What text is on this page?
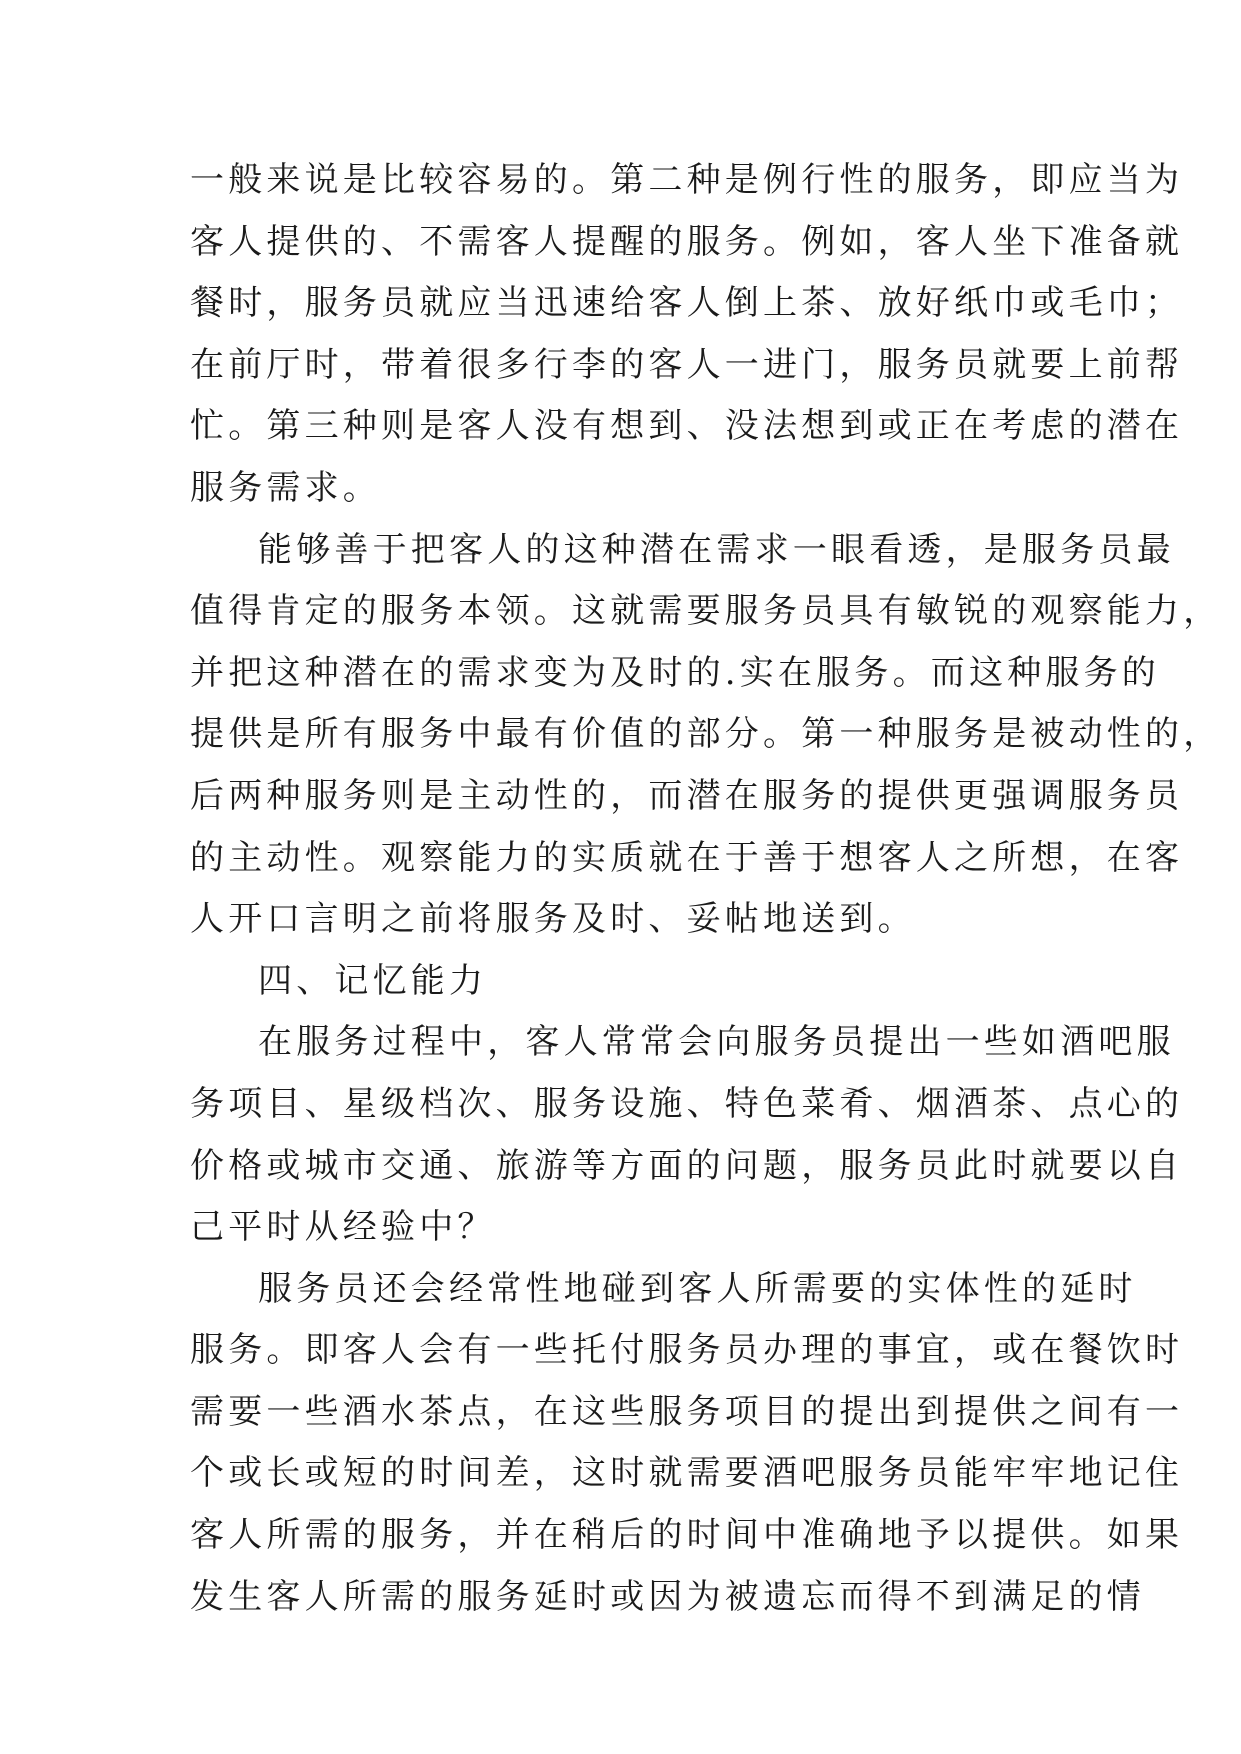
一般来说是比较容易的。第二种是例行性的服务，即应当为
客人提供的、不需客人提醒的服务。例如，客人坐下准备就
餐时，服务员就应当迅速给客人倒上茶、放好纸巾或毛巾；
在前厅时，带着很多行李的客人一进门，服务员就要上前帮
忙。第三种则是客人没有想到、没法想到或正在考虑的潜在
服务需求。
能够善于把客人的这种潜在需求一眼看透，是服务员最
值得肯定的服务本领。这就需要服务员具有敏锐的观察能力，
并把这种潜在的需求变为及时的.实在服务。而这种服务的
提供是所有服务中最有价值的部分。第一种服务是被动性的，
后两种服务则是主动性的，而潜在服务的提供更强调服务员
的主动性。观察能力的实质就在于善于想客人之所想，在客
人开口言明之前将服务及时、妥帖地送到。
四、记忆能力
在服务过程中，客人常常会向服务员提出一些如酒吧服
务项目、星级档次、服务设施、特色菜肴、烟酒茶、点心的
价格或城市交通、旅游等方面的问题，服务员此时就要以自
己平时从经验中？
服务员还会经常性地碰到客人所需要的实体性的延时
服务。即客人会有一些托付服务员办理的事宜，或在餐饮时
需要一些酒水茶点，在这些服务项目的提出到提供之间有一
个或长或短的时间差，这时就需要酒吧服务员能牢牢地记住
客人所需的服务，并在稍后的时间中准确地予以提供。如果
发生客人所需的服务延时或因为被遗忘而得不到满足的情
